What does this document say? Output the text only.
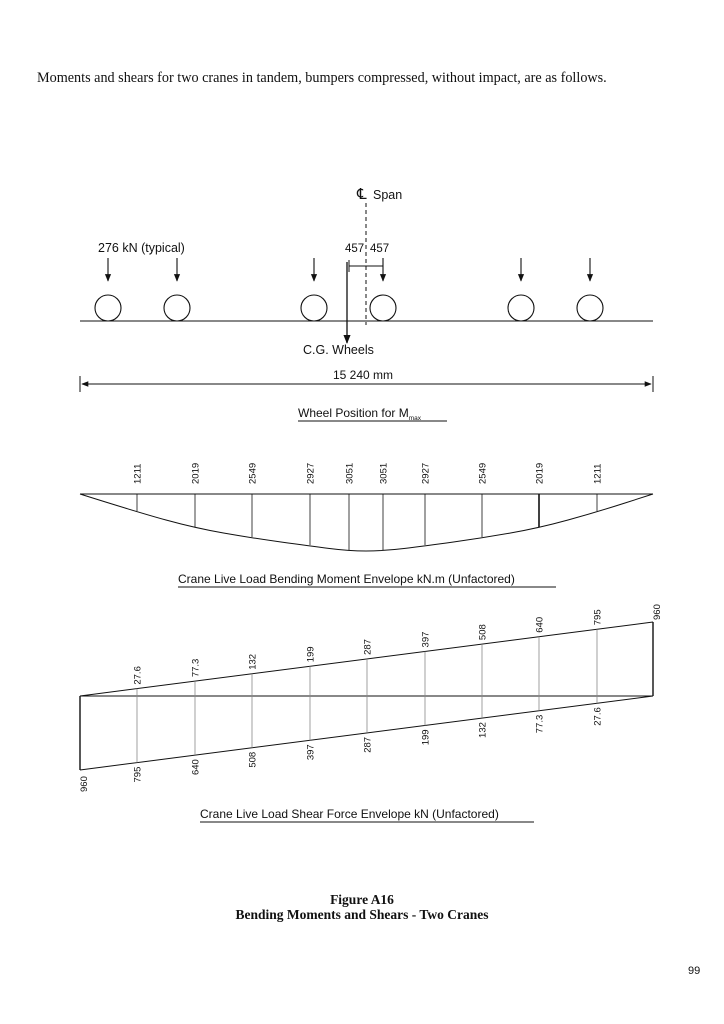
Moments and shears for two cranes in tandem, bumpers compressed, without impact, are as follows.
℄ Span
276 kN (typical)	457 457
C.G. Wheels
15 240 mm
Wheel Position for $M_{max}$
1211	2019	2549	2927	3051 3051	2927	2549	2019	1211
Crane Live Load Bending Moment Envelope kN.m (Unfactored)
27.6
795
77.3
640
132
508
199
397
287
287
397
199
508
132
640
77.3
795
27.6
960
960
Crane Live Load Shear Force Envelope kN (Unfactored)
Figure A16
Bending Moments and Shears - Two Cranes
99
